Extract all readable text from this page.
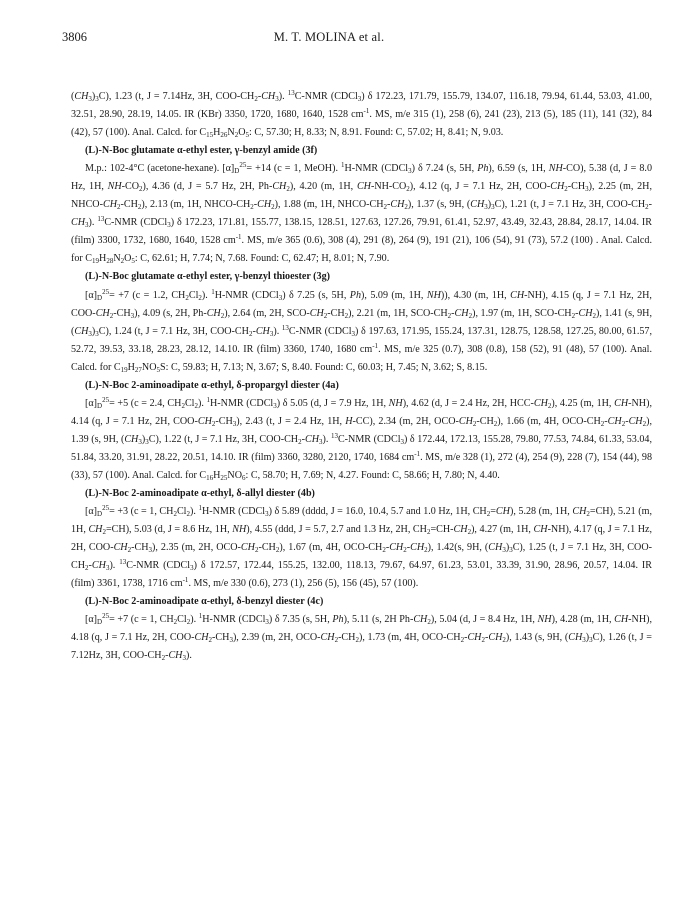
3806	M. T. MOLINA et al.

$(CH_3)_3C$), 1.23 (t, J = 7.14Hz, 3H, COO-$CH_2-CH_3$). $^{13}$C-NMR (CDCl$_3$) δ 172.23, 171.79, 155.79, 134.07, 116.18, 79.94, 61.44, 53.03, 41.00, 32.51, 28.90, 28.19, 14.05. IR (KBr) 3350, 1720, 1680, 1640, 1528 $cm^{-1}$. MS, m/e 315 (1), 258 (6), 241 (23), 213 (5), 185 (11), 141 (32), 84 (42), 57 (100). Anal. Calcd. for $C_{15}H_{26}N_2O_5$: C, 57.30; H, 8.33; N, 8.91. Found: C, 57.02; H, 8.41; N, 9.03.

(L)-N-Boc glutamate α-ethyl ester, γ-benzyl amide (3f)

M.p.: 102-4°C (acetone-hexane). $[\alpha]_D^{25}= +14$ (c = 1, MeOH). $^1$H-NMR (CDCl$_3$) δ 7.24 (s, 5H, Ph), 6.59 (s, 1H, NH-CO), 5.38 (d, J = 8.0 Hz, 1H, $NH-CO_2$), 4.36 (d, J = 5.7 Hz, 2H, $Ph-CH_2$), 4.20 (m, 1H, $CH-NH-CO_2$), 4.12 (q, J = 7.1 Hz, 2H, COO-$CH_2-CH_3$), 2.25 (m, 2H, NHCO-$CH_2-CH_2$), 2.13 (m, 1H, NHCO-$CH_2-CH_2$), 1.88 (m, 1H, NHCO-$CH_2-CH_2$), 1.37 (s, 9H, $(CH_3)_3C$), 1.21 (t, J = 7.1 Hz, 3H, COO-$CH_2-CH_3$). $^{13}$C-NMR (CDCl$_3$) δ 172.23, 171.81, 155.77, 138.15, 128.51, 127.63, 127.26, 79.91, 61.41, 52.97, 43.49, 32.43, 28.84, 28.17, 14.04. IR (film) 3300, 1732, 1680, 1640, 1528 $cm^{-1}$. MS, m/e 365 (0.6), 308 (4), 291 (8), 264 (9), 191 (21), 106 (54), 91 (73), 57.2 (100) . Anal. Calcd. for $C_{19}H_{28}N_2O_5$: C, 62.61; H, 7.74; N, 7.68. Found: C, 62.47; H, 8.01; N, 7.90.

(L)-N-Boc glutamate α-ethyl ester, γ-benzyl thioester (3g)

$[\alpha]_D^{25}= +7$ (c = 1.2, $CH_2Cl_2$). $^1$H-NMR (CDCl$_3$) δ 7.25 (s, 5H, Ph), 5.09 (m, 1H, NH)), 4.30 (m, 1H, CH-NH), 4.15 (q, J = 7.1 Hz, 2H, COO-$CH_2-CH_3$), 4.09 (s, 2H, $Ph-CH_2$), 2.64 (m, 2H, SCO-$CH_2-CH_2$), 2.21 (m, 1H, SCO-$CH_2-CH_2$), 1.97 (m, 1H, SCO-$CH_2-CH_2$), 1.41 (s, 9H, $(CH_3)_3C$), 1.24 (t, J = 7.1 Hz, 3H, COO-$CH_2-CH_3$). $^{13}$C-NMR (CDCl$_3$) δ 197.63, 171.95, 155.24, 137.31, 128.75, 128.58, 127.25, 80.00, 61.57, 52.72, 39.53, 33.18, 28.23, 28.12, 14.10. IR (film) 3360, 1740, 1680 $cm^{-1}$. MS, m/e 325 (0.7), 308 (0.8), 158 (52), 91 (48), 57 (100). Anal. Calcd. for $C_{19}H_{27}NO_5S$: C, 59.83; H, 7.13; N, 3.67; S, 8.40. Found: C, 60.03; H, 7.45; N, 3.62; S, 8.15.

(L)-N-Boc 2-aminoadipate α-ethyl, δ-propargyl diester (4a)

$[\alpha]_D^{25}= +5$ (c = 2.4, $CH_2Cl_2$). $^1$H-NMR (CDCl$_3$) δ 5.05 (d, J = 7.9 Hz, 1H, NH), 4.62 (d, J = 2.4 Hz, 2H, HCC-$CH_2$), 4.25 (m, 1H, CH-NH), 4.14 (q, J = 7.1 Hz, 2H, COO-$CH_2-CH_3$), 2.43 (t, J = 2.4 Hz, 1H, H-CC), 2.34 (m, 2H, OCO-$CH_2-CH_2$), 1.66 (m, 4H, OCO-$CH_2-CH_2-CH_2$), 1.39 (s, 9H, $(CH_3)_3C$), 1.22 (t, J = 7.1 Hz, 3H, COO-$CH_2-CH_3$). $^{13}$C-NMR (CDCl$_3$) δ 172.44, 172.13, 155.28, 79.80, 77.53, 74.84, 61.33, 53.04, 51.84, 33.20, 31.91, 28.22, 20.51, 14.10. IR (film) 3360, 3280, 2120, 1740, 1684 $cm^{-1}$. MS, m/e 328 (1), 272 (4), 254 (9), 228 (7), 154 (44), 98 (33), 57 (100). Anal. Calcd. for $C_{16}H_{25}NO_6$: C, 58.70; H, 7.69; N, 4.27. Found: C, 58.66; H, 7.80; N, 4.40.

(L)-N-Boc 2-aminoadipate α-ethyl, δ-allyl diester (4b)

$[\alpha]_D^{25}= +3$ (c = 1, $CH_2Cl_2$). $^1$H-NMR (CDCl$_3$) δ 5.89 (dddd, J = 16.0, 10.4, 5.7 and 1.0 Hz, 1H, $CH_2=CH$), 5.28 (m, 1H, $CH_2=CH$), 5.21 (m, 1H, $CH_2=CH$), 5.03 (d, J = 8.6 Hz, 1H, NH), 4.55 (ddd, J = 5.7, 2.7 and 1.3 Hz, 2H, $CH_2=CH-CH_2$), 4.27 (m, 1H, CH-NH), 4.17 (q, J = 7.1 Hz, 2H, COO-$CH_2-CH_3$), 2.35 (m, 2H, OCO-$CH_2-CH_2$), 1.67 (m, 4H, OCO-$CH_2-CH_2-CH_2$), 1.42(s, 9H, $(CH_3)_3C$), 1.25 (t, J = 7.1 Hz, 3H, COO-$CH_2-CH_3$). $^{13}$C-NMR (CDCl$_3$) δ 172.57, 172.44, 155.25, 132.00, 118.13, 79.67, 64.97, 61.23, 53.01, 33.39, 31.90, 28.96, 20.57, 14.04. IR (film) 3361, 1738, 1716 $cm^{-1}$. MS, m/e 330 (0.6), 273 (1), 256 (5), 156 (45), 57 (100).

(L)-N-Boc 2-aminoadipate α-ethyl, δ-benzyl diester (4c)

$[\alpha]_D^{25}= +7$ (c = 1, $CH_2Cl_2$). $^1$H-NMR (CDCl$_3$) δ 7.35 (s, 5H, Ph), 5.11 (s, 2H $Ph-CH_2$), 5.04 (d, J = 8.4 Hz, 1H, NH), 4.28 (m, 1H, CH-NH), 4.18 (q, J = 7.1 Hz, 2H, COO-$CH_2-CH_3$), 2.39 (m, 2H, OCO-$CH_2-CH_2$), 1.73 (m, 4H, OCO-$CH_2-CH_2-CH_2$), 1.43 (s, 9H, $(CH_3)_3C$), 1.26 (t, J = 7.12Hz, 3H, COO-$CH_2-CH_3$).
